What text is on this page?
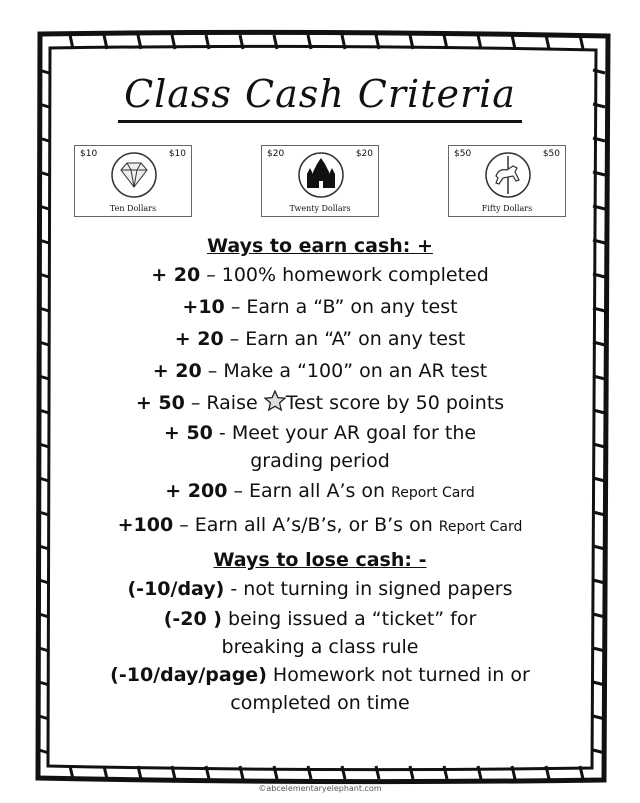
Class Cash Criteria
$10	$10
Ten Dollars
$20	$20
Twenty Dollars
$50	$50
Fifty Dollars
Ways to earn cash: +
+ 20 – 100% homework completed
+10 – Earn a “B” on any test
+ 20 – Earn an “A” on any test
+ 20 – Make a “100” on an AR test
+ 50 – Raise Test score by 50 points
+ 50 - Meet your AR goal for the
grading period
+ 200 – Earn all A’s on Report Card
+100 – Earn all A’s/B’s, or B’s on Report Card
Ways to lose cash: -
(-10/day) - not turning in signed papers
(-20 ) being issued a “ticket” for
breaking a class rule
(-10/day/page) Homework not turned in or
completed on time
©abcelementaryelephant.com
